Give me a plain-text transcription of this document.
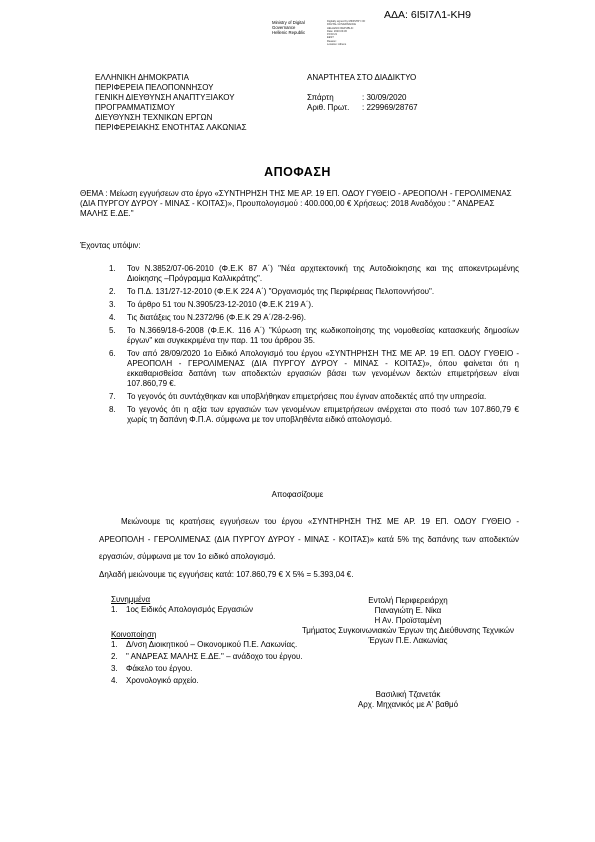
ΑΔΑ: 6Ι5Ι7Λ1-ΚΗ9
Ministry of Digital
Governance
Hellenic Republic
Digitally signed by MINISTRY OF
DIGITAL GOVERNANCE
HELLENIC REPUBLIC
Date: 2020.09.30
15:03:21
EEST
Reason:
Location: Athens
ΕΛΛΗΝΙΚΗ ΔΗΜΟΚΡΑΤΙΑ
ΠΕΡΙΦΕΡΕΙΑ ΠΕΛΟΠΟΝΝΗΣΟΥ
ΓΕΝΙΚΗ ΔΙΕΥΘΥΝΣΗ ΑΝΑΠΤΥΞΙΑΚΟΥ
ΠΡΟΓΡΑΜΜΑΤΙΣΜΟΥ
ΔΙΕΥΘΥΝΣΗ ΤΕΧΝΙΚΩΝ ΕΡΓΩΝ
ΠΕΡΙΦΕΡΕΙΑΚΗΣ ΕΝΟΤΗΤΑΣ ΛΑΚΩΝΙΑΣ
ΑΝΑΡΤΗΤΕΑ ΣΤΟ ΔΙΑΔΙΚΤΥΟ
Σπάρτη	: 30/09/2020
Αριθ. Πρωτ.	: 229969/28767
ΑΠΟΦΑΣΗ
ΘΕΜΑ : Μείωση εγγυήσεων στο έργο «ΣΥΝΤΗΡΗΣΗ ΤΗΣ ΜΕ ΑΡ. 19 ΕΠ. ΟΔΟΥ ΓΥΘΕΙΟ - ΑΡΕΟΠΟΛΗ - ΓΕΡΟΛΙΜΕΝΑΣ (ΔΙΑ ΠΥΡΓΟΥ ΔΥΡΟΥ - ΜΙΝΑΣ - ΚΟΙΤΑΣ)», Προυπολογισμού : 400.000,00 € Χρήσεως: 2018 Αναδόχου : " ΑΝΔΡΕΑΣ ΜΑΛΗΣ Ε.ΔΕ."
Έχοντας υπόψιν:
1. Τον Ν.3852/07-06-2010 (Φ.Ε.Κ 87 Α΄) "Νέα αρχιτεκτονική της Αυτοδιοίκησης και της αποκεντρωμένης Διοίκησης –Πρόγραμμα Καλλικράτης".
2. Το Π.Δ. 131/27-12-2010 (Φ.Ε.Κ 224 Α΄) "Οργανισμός της Περιφέρειας Πελοποννήσου".
3. Το άρθρο 51 του Ν.3905/23-12-2010 (Φ.Ε.Κ 219 Α΄).
4. Τις διατάξεις του Ν.2372/96 (Φ.Ε.Κ 29 Α΄/28-2-96).
5. Το Ν.3669/18-6-2008 (Φ.Ε.Κ. 116 Α΄) "Κύρωση της κωδικοποίησης της νομοθεσίας κατασκευής δημοσίων έργων" και συγκεκριμένα την παρ. 11 του άρθρου 35.
6. Τον από 28/09/2020 1ο Ειδικό Απολογισμό του έργου «ΣΥΝΤΗΡΗΣΗ ΤΗΣ ΜΕ ΑΡ. 19 ΕΠ. ΟΔΟΥ ΓΥΘΕΙΟ - ΑΡΕΟΠΟΛΗ - ΓΕΡΟΛΙΜΕΝΑΣ (ΔΙΑ ΠΥΡΓΟΥ ΔΥΡΟΥ - ΜΙΝΑΣ - ΚΟΙΤΑΣ)», όπου φαίνεται ότι η εκκαθαρισθείσα δαπάνη των αποδεκτών εργασιών βάσει των γενομένων δεκτών επιμετρήσεων είναι 107.860,79 €.
7. Το γεγονός ότι συντάχθηκαν και υποβλήθηκαν επιμετρήσεις που έγιναν αποδεκτές από την υπηρεσία.
8. Το γεγονός ότι η αξία των εργασιών των γενομένων επιμετρήσεων ανέρχεται στο ποσό των 107.860,79 € χωρίς τη δαπάνη Φ.Π.Α. σύμφωνα με τον υποβληθέντα ειδικό απολογισμό.
Αποφασίζουμε
Μειώνουμε τις κρατήσεις εγγυήσεων του έργου «ΣΥΝΤΗΡΗΣΗ ΤΗΣ ΜΕ ΑΡ. 19 ΕΠ. ΟΔΟΥ ΓΥΘΕΙΟ - ΑΡΕΟΠΟΛΗ - ΓΕΡΟΛΙΜΕΝΑΣ (ΔΙΑ ΠΥΡΓΟΥ ΔΥΡΟΥ - ΜΙΝΑΣ - ΚΟΙΤΑΣ)» κατά 5% της δαπάνης των αποδεκτών εργασιών, σύμφωνα με τον 1ο ειδικό απολογισμό.
Δηλαδή μειώνουμε τις εγγυήσεις κατά: 107.860,79 € Χ 5% = 5.393,04 €.
Συνημμένα
1. 1ος Ειδικός Απολογισμός Εργασιών
Κοινοποίηση
1. Δ/νση Διοικητικού – Οικονομικού Π.Ε. Λακωνίας.
2. " ΑΝΔΡΕΑΣ ΜΑΛΗΣ Ε.ΔΕ." – ανάδοχο του έργου.
3. Φάκελο του έργου.
4. Χρονολογικό αρχείο.
Εντολή Περιφερειάρχη
Παναγιώτη Ε. Νίκα
Η Αν. Προϊσταμένη
Τμήματος Συγκοινωνιακών Έργων της Διεύθυνσης Τεχνικών Έργων Π.Ε. Λακωνίας
Βασιλική Τζανετάκ
Αρχ. Μηχανικός με Α' βαθμό
